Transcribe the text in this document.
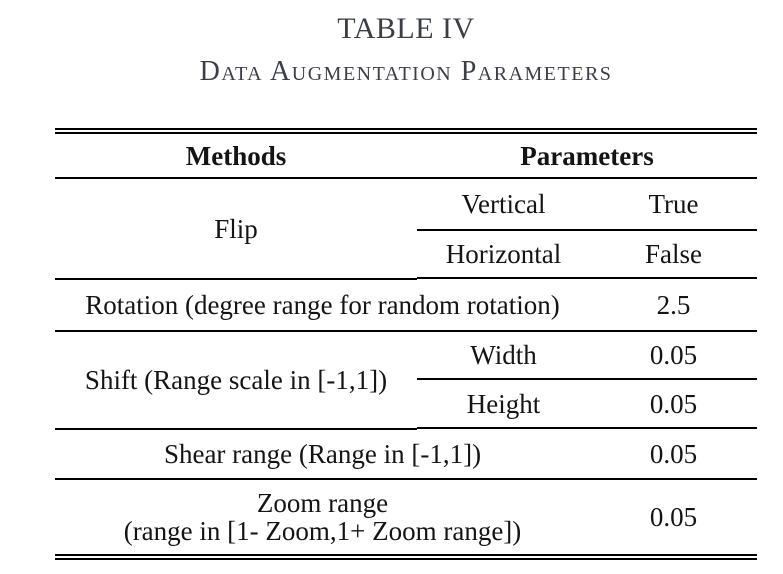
TABLE IV
Data Augmentation Parameters
Methods	Parameters	
Flip	Vertical	True
	Horizontal	False

Rotation (degree range for random rotation)		2.5
Shift (Range scale in [-1,1])	Width	0.05
	Height	0.05

Shear range (Range in [-1,1])		0.05

Zoom range
(range in [1- Zoom,1+ Zoom range])		0.05
